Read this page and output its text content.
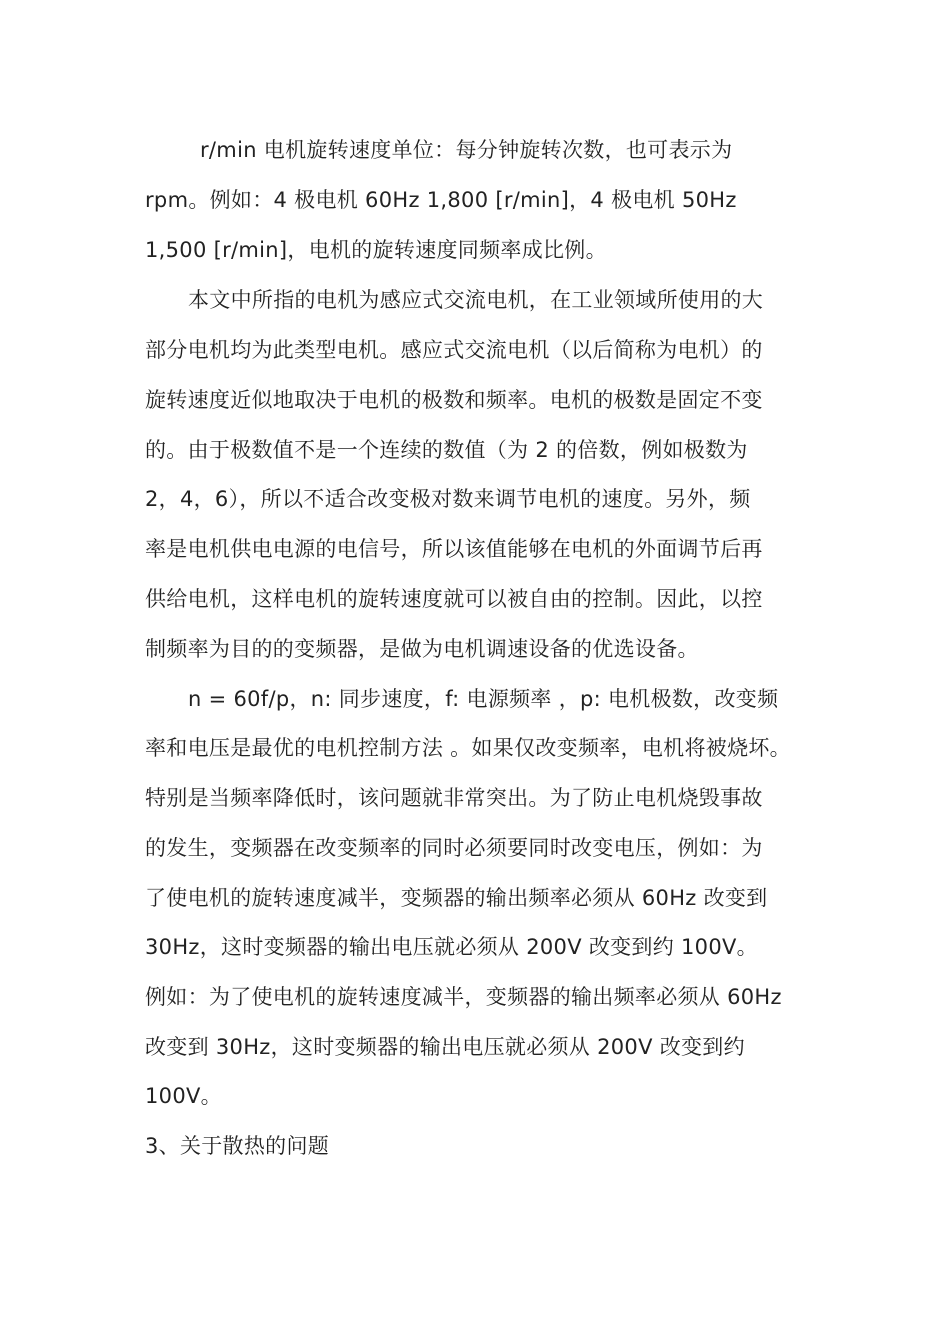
r/min 电机旋转速度单位：每分钟旋转次数，也可表示为
rpm。例如：4 极电机 60Hz 1,800 [r/min]，4 极电机 50Hz
1,500 [r/min]，电机的旋转速度同频率成比例。
本文中所指的电机为感应式交流电机，在工业领域所使用的大
部分电机均为此类型电机。感应式交流电机（以后简称为电机）的
旋转速度近似地取决于电机的极数和频率。电机的极数是固定不变
的。由于极数值不是一个连续的数值（为 2 的倍数，例如极数为
2，4，6），所以不适合改变极对数来调节电机的速度。另外，频
率是电机供电电源的电信号，所以该值能够在电机的外面调节后再
供给电机，这样电机的旋转速度就可以被自由的控制。因此，以控
制频率为目的的变频器，是做为电机调速设备的优选设备。
n = 60f/p，n: 同步速度，f: 电源频率 ，p: 电机极数，改变频
率和电压是最优的电机控制方法 。如果仅改变频率，电机将被烧坏。
特别是当频率降低时，该问题就非常突出。为了防止电机烧毁事故
的发生，变频器在改变频率的同时必须要同时改变电压，例如：为
了使电机的旋转速度减半，变频器的输出频率必须从 60Hz 改变到
30Hz，这时变频器的输出电压就必须从 200V 改变到约 100V。
例如：为了使电机的旋转速度减半，变频器的输出频率必须从 60Hz
改变到 30Hz，这时变频器的输出电压就必须从 200V 改变到约
100V。
3、关于散热的问题
